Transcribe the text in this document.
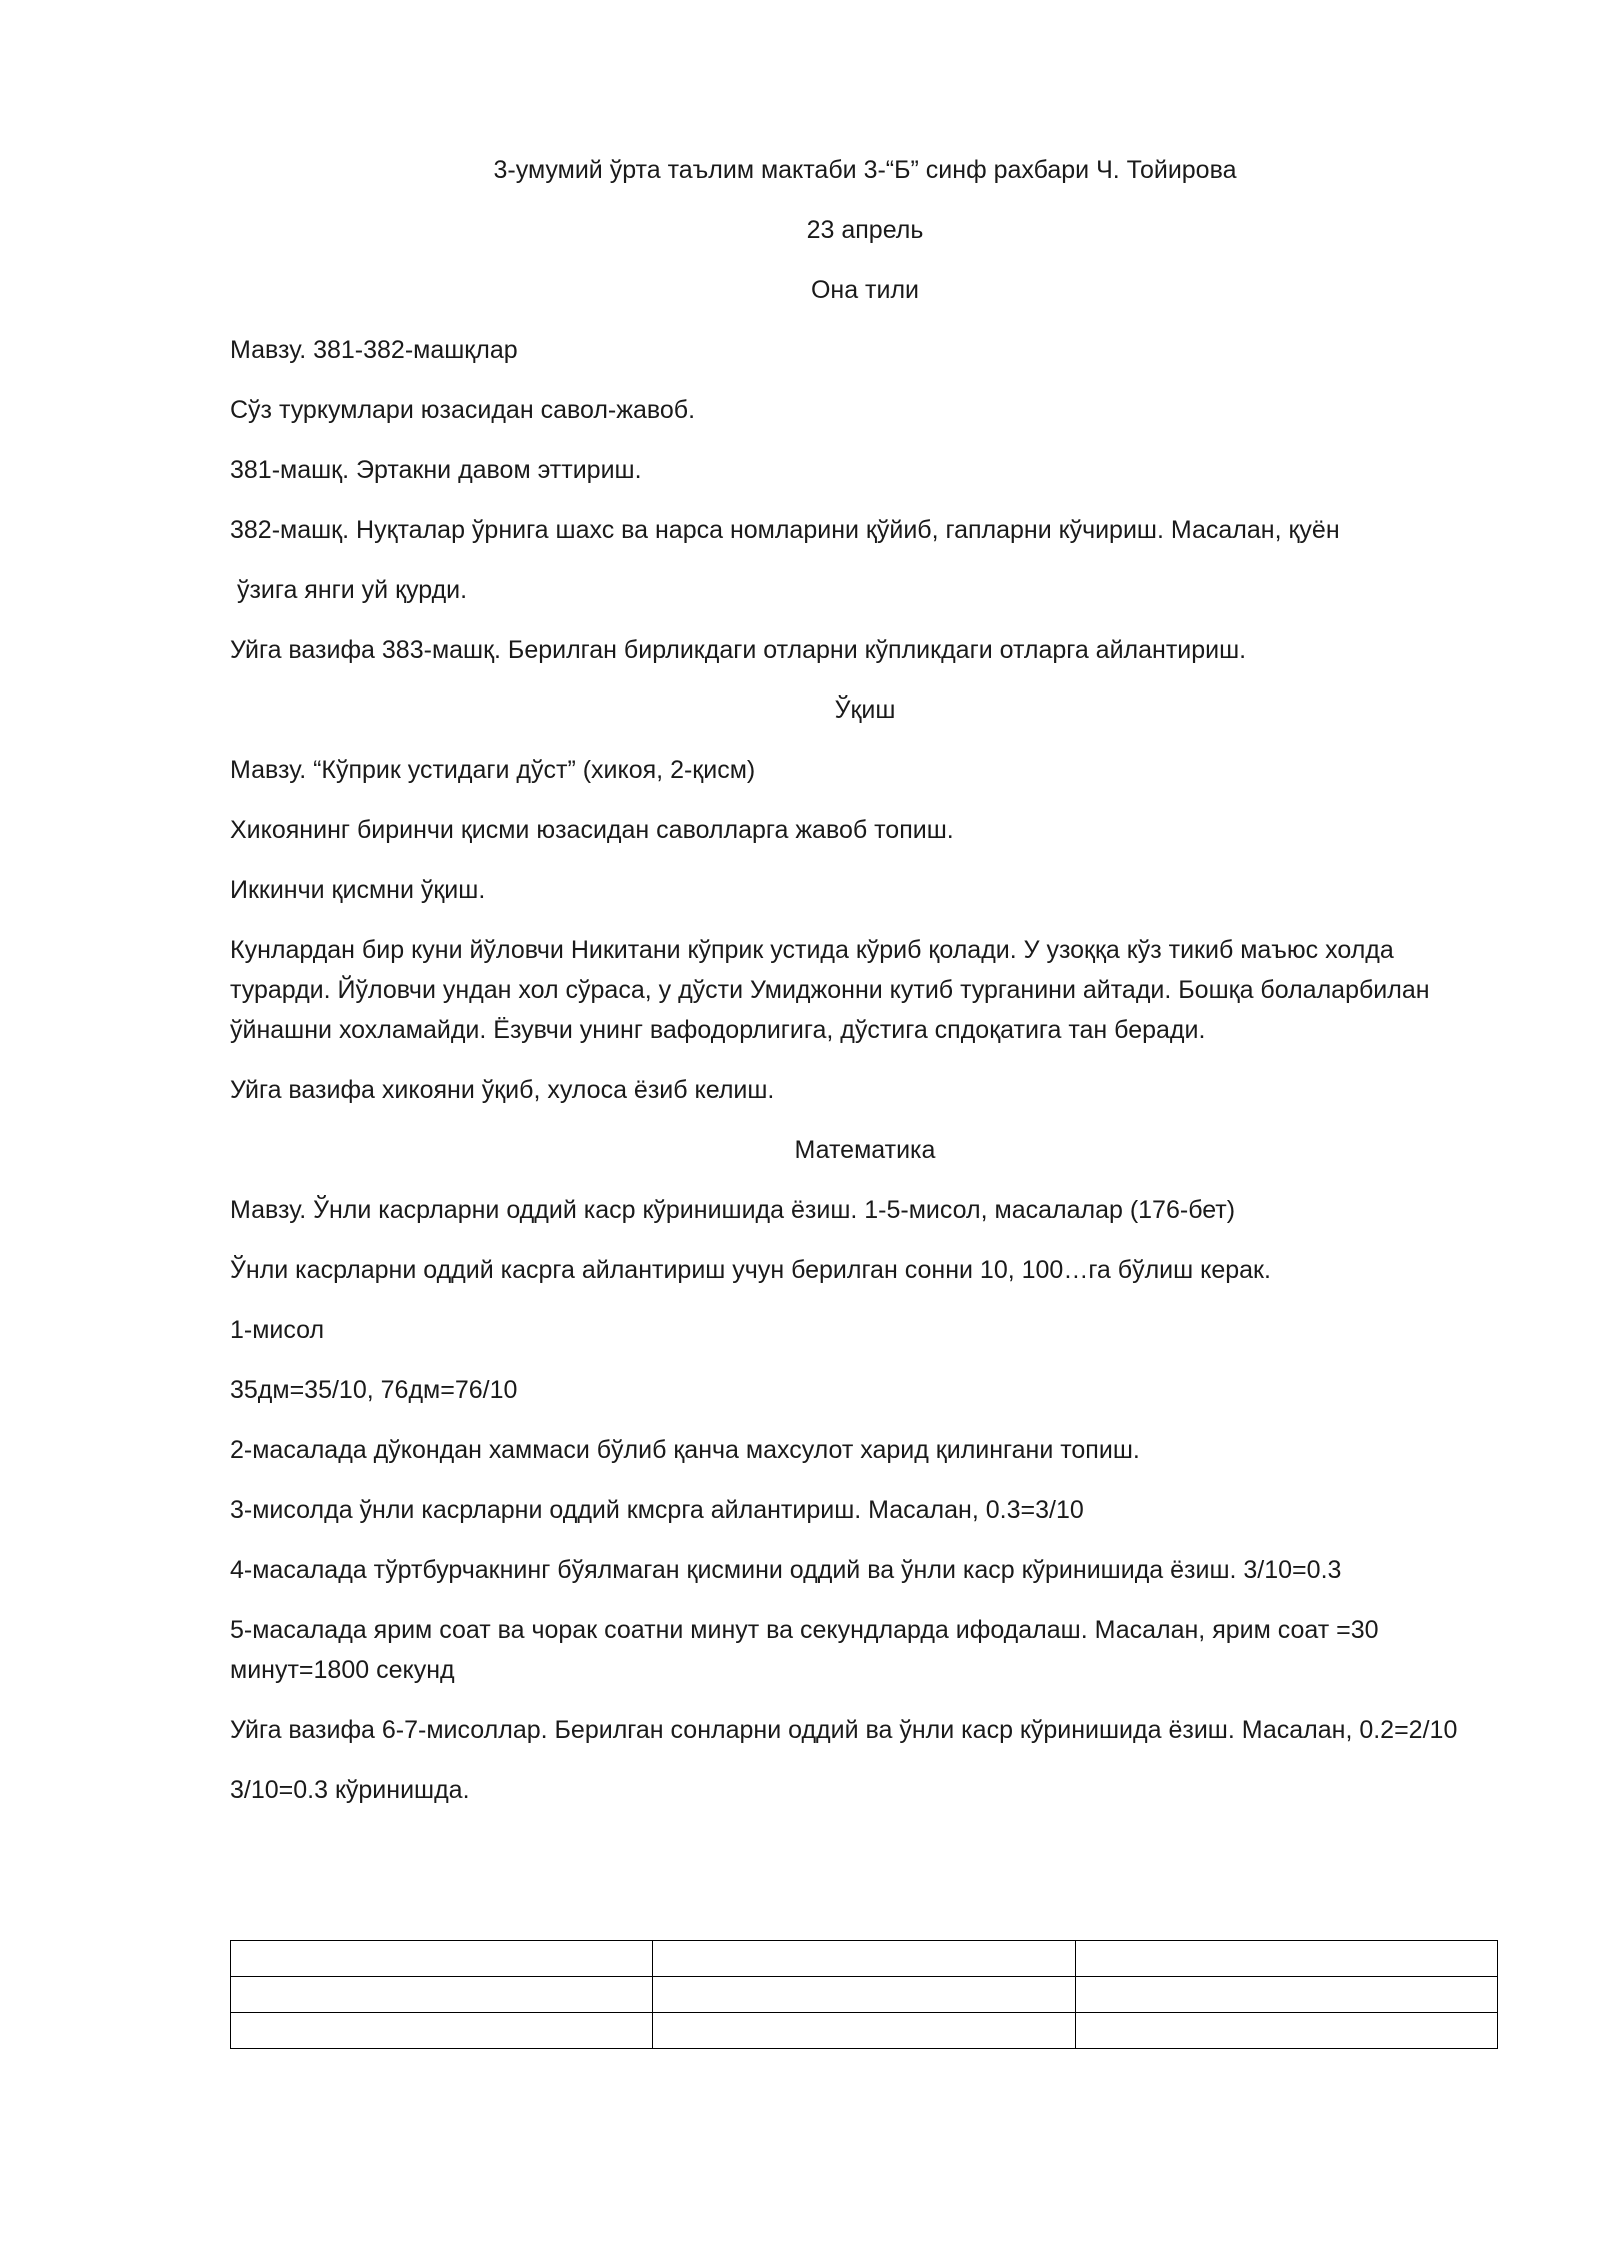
3-умумий ўрта таълим мактаби 3-“Б” синф рахбари Ч. Тойирова

23 апрель

Она тили

Мавзу. 381-382-машқлар

Сўз туркумлари юзасидан савол-жавоб.

381-машқ. Эртакни давом эттириш.

382-машқ. Нуқталар ўрнига шахс ва нарса номларини қўйиб, гапларни кўчириш. Масалан, қуён

ўзига янги уй қурди.

Уйга вазифа 383-машқ. Берилган бирликдаги отларни кўпликдаги отларга айлантириш.

Ўқиш

Мавзу. “Кўприк устидаги дўст” (хикоя, 2-қисм)

Хикоянинг биринчи қисми юзасидан саволларга жавоб топиш.

Иккинчи қисмни ўқиш.

Кунлардан бир куни йўловчи Никитани кўприк устида кўриб қолади. У узоққа кўз тикиб маъюс холда турарди. Йўловчи ундан хол сўраса, у дўсти Умиджонни кутиб турганини айтади. Бошқа болаларбилан ўйнашни хохламайди. Ёзувчи унинг вафодорлигига, дўстига спдоқатига тан беради.

Уйга вазифа хикояни ўқиб, хулоса ёзиб келиш.

Математика

Мавзу. Ўнли касрларни оддий каср кўринишида ёзиш. 1-5-мисол, масалалар (176-бет)

Ўнли касрларни оддий касрга айлантириш учун берилган сонни 10, 100…га бўлиш керак.

1-мисол

35дм=35/10, 76дм=76/10

2-масалада дўкондан хаммаси бўлиб қанча махсулот харид қилингани топиш.

3-мисолда ўнли касрларни оддий кмсрга айлантириш. Масалан, 0.3=3/10

4-масалада тўртбурчакнинг бўялмаган қисмини оддий ва ўнли каср кўринишида ёзиш. 3/10=0.3

5-масалада ярим соат ва чорак соатни минут ва секундларда ифодалаш. Масалан, ярим соат =30 минут=1800 секунд

Уйга вазифа 6-7-мисоллар. Берилган сонларни оддий ва ўнли каср кўринишида ёзиш. Масалан, 0.2=2/10

3/10=0.3 кўринишда.
